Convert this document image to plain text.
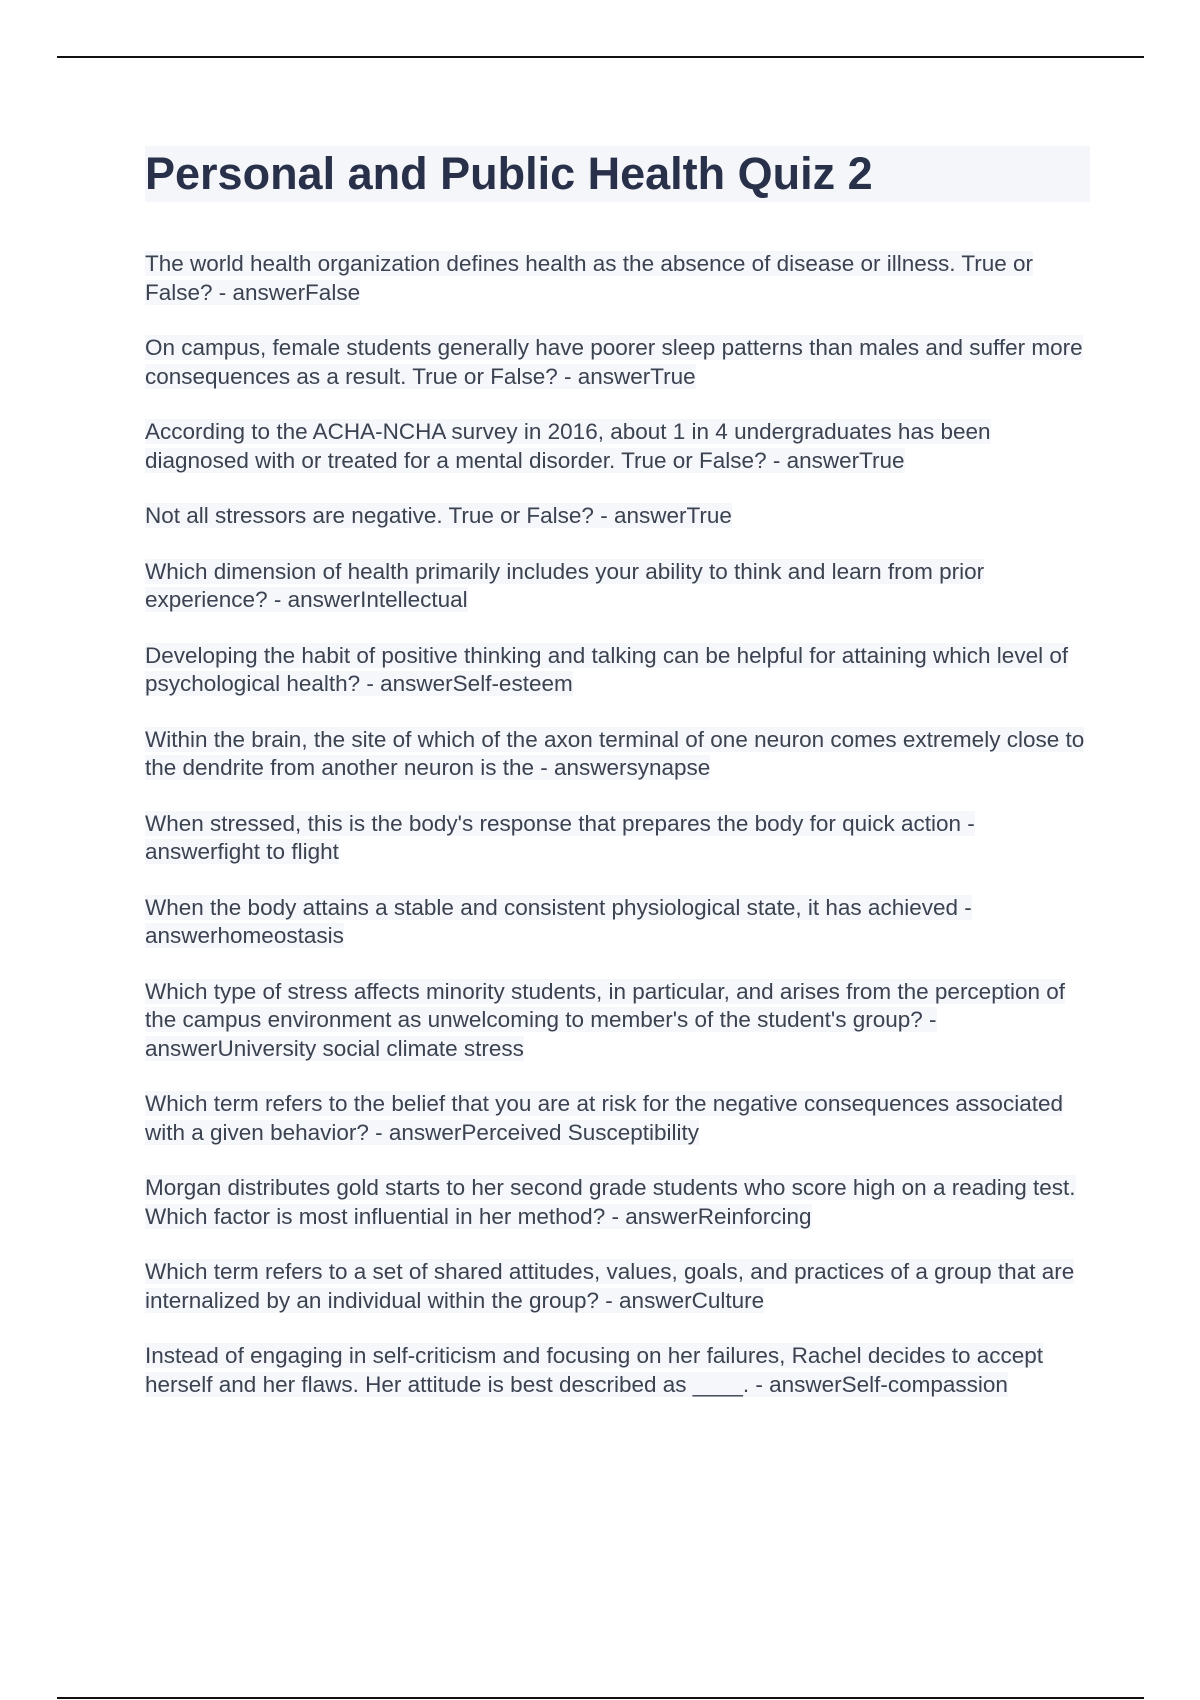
Personal and Public Health Quiz 2
The world health organization defines health as the absence of disease or illness. True or False? - answerFalse
On campus, female students generally have poorer sleep patterns than males and suffer more consequences as a result. True or False? - answerTrue
According to the ACHA-NCHA survey in 2016, about 1 in 4 undergraduates has been diagnosed with or treated for a mental disorder. True or False? - answerTrue
Not all stressors are negative. True or False? - answerTrue
Which dimension of health primarily includes your ability to think and learn from prior experience? - answerIntellectual
Developing the habit of positive thinking and talking can be helpful for attaining which level of psychological health? - answerSelf-esteem
Within the brain, the site of which of the axon terminal of one neuron comes extremely close to the dendrite from another neuron is the - answersynapse
When stressed, this is the body's response that prepares the body for quick action - answerfight to flight
When the body attains a stable and consistent physiological state, it has achieved - answerhomeostasis
Which type of stress affects minority students, in particular, and arises from the perception of the campus environment as unwelcoming to member's of the student's group? - answerUniversity social climate stress
Which term refers to the belief that you are at risk for the negative consequences associated with a given behavior? - answerPerceived Susceptibility
Morgan distributes gold starts to her second grade students who score high on a reading test. Which factor is most influential in her method? - answerReinforcing
Which term refers to a set of shared attitudes, values, goals, and practices of a group that are internalized by an individual within the group? - answerCulture
Instead of engaging in self-criticism and focusing on her failures, Rachel decides to accept herself and her flaws. Her attitude is best described as ____. - answerSelf-compassion
